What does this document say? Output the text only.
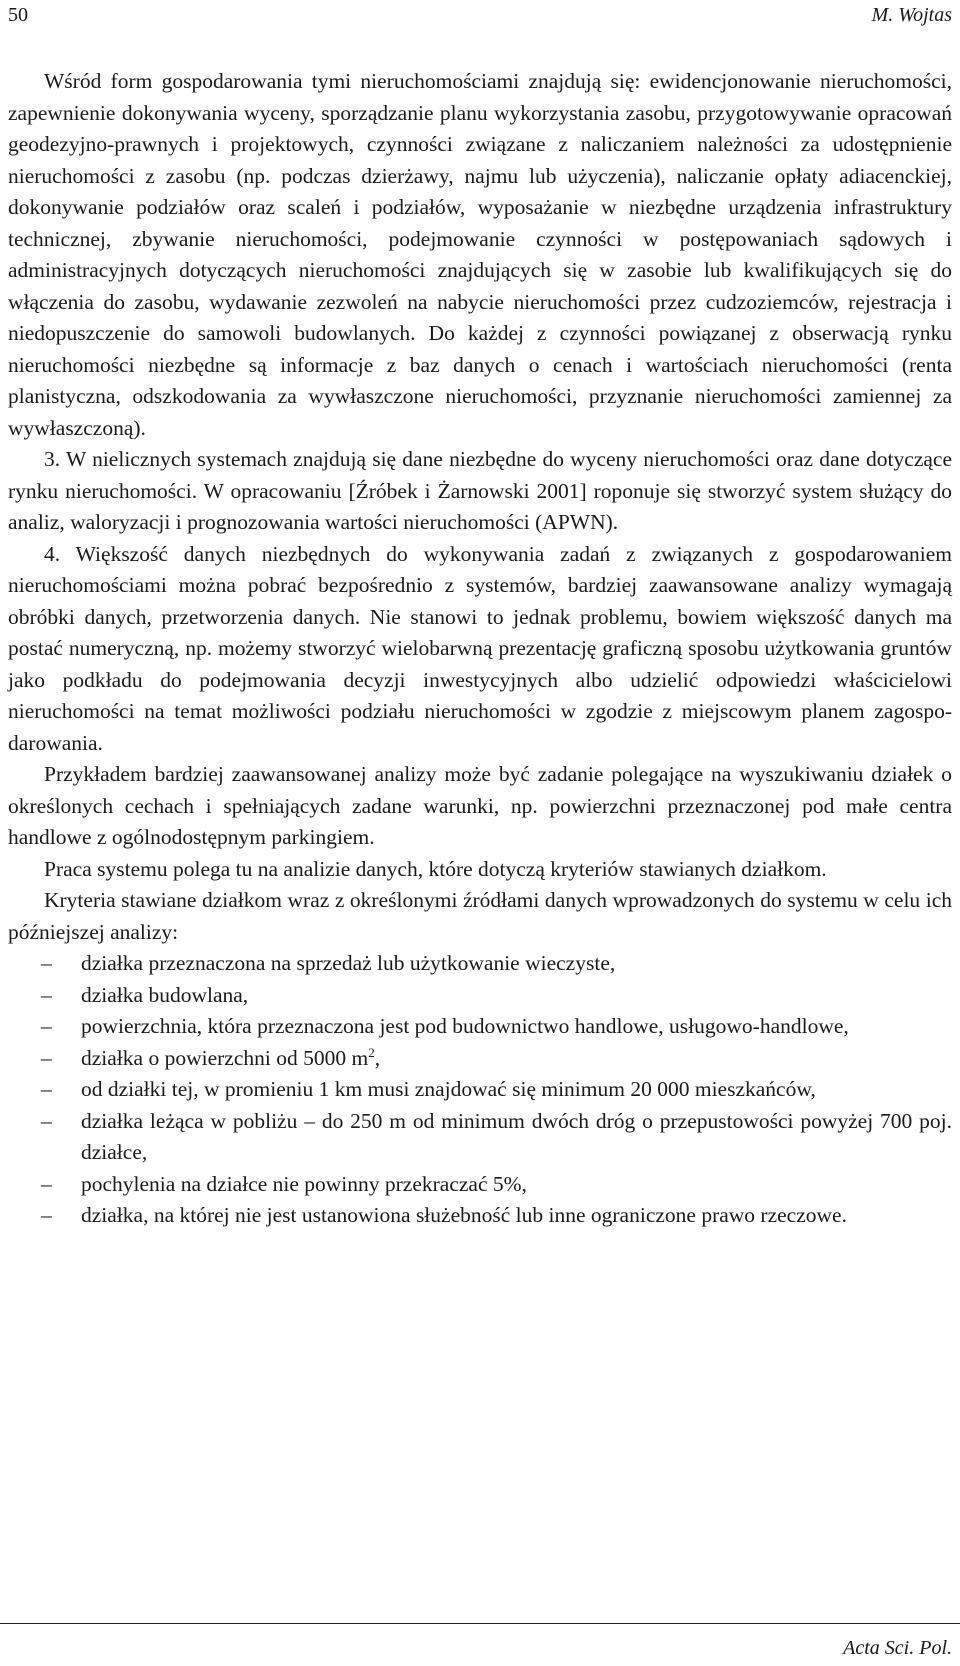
50	M. Wojtas

Wśród form gospodarowania tymi nieruchomościami znajdują się: ewidencjonowanie nieruchomości, zapewnienie dokonywania wyceny, sporządzanie planu wykorzystania zasobu, przygotowywanie opracowań geodezyjno-prawnych i projektowych, czynności związane z naliczaniem należności za udostępnienie nieruchomości z zasobu (np. podczas dzierżawy, najmu lub użyczenia), naliczanie opłaty adiacenckiej, dokonywanie podziałów oraz scaleń i podziałów, wyposażanie w niezbędne urządzenia infrastruktury technicznej, zbywanie nieruchomości, podejmowanie czynności w postępowaniach sądowych i administracyjnych dotyczących nieruchomości znajdujących się w zasobie lub kwalifikujących się do włączenia do zasobu, wydawanie zezwoleń na nabycie nieruchomości przez cudzoziemców, rejestracja i niedopuszczenie do samowoli budowlanych. Do każdej z czynności powiązanej z obserwacją rynku nieruchomości niezbędne są informacje z baz danych o cenach i wartościach nieruchomości (renta planistyczna, odszkodowania za wywłaszczone nieruchomości, przyznanie nieruchomości zamiennej za wywłaszczoną).

3. W nielicznych systemach znajdują się dane niezbędne do wyceny nieruchomości oraz dane dotyczące rynku nieruchomości. W opracowaniu [Źróbek i Żarnowski 2001] roponuje się stworzyć system służący do analiz, waloryzacji i prognozowania wartości nieruchomości (APWN).

4. Większość danych niezbędnych do wykonywania zadań z związanych z gospodarowaniem nieruchomościami można pobrać bezpośrednio z systemów, bardziej zaawansowane analizy wymagają obróbki danych, przetworzenia danych. Nie stanowi to jednak problemu, bowiem większość danych ma postać numeryczną, np. możemy stworzyć wielobarwną prezentację graficzną sposobu użytkowania gruntów jako podkładu do podejmowania decyzji inwestycyjnych albo udzielić odpowiedzi właścicielowi nieruchomości na temat możliwości podziału nieruchomości w zgodzie z miejscowym planem zagospodarowania.

Przykładem bardziej zaawansowanej analizy może być zadanie polegające na wyszukiwaniu działek o określonych cechach i spełniających zadane warunki, np. powierzchni przeznaczonej pod małe centra handlowe z ogólnodostępnym parkingiem.

Praca systemu polega tu na analizie danych, które dotyczą kryteriów stawianych działkom.

Kryteria stawiane działkom wraz z określonymi źródłami danych wprowadzonych do systemu w celu ich późniejszej analizy:

– działka przeznaczona na sprzedaż lub użytkowanie wieczyste,
– działka budowlana,
– powierzchnia, która przeznaczona jest pod budownictwo handlowe, usługowo-handlowe,
– działka o powierzchni od 5000 $m^2$,
– od działki tej, w promieniu 1 km musi znajdować się minimum 20 000 mieszkańców,
– działka leżąca w pobliżu – do 250 m od minimum dwóch dróg o przepustowości powyżej 700 poj. działce,
– pochylenia na działce nie powinny przekraczać 5%,
– działka, na której nie jest ustanowiona służebność lub inne ograniczone prawo rzeczowe.
Acta Sci. Pol.
